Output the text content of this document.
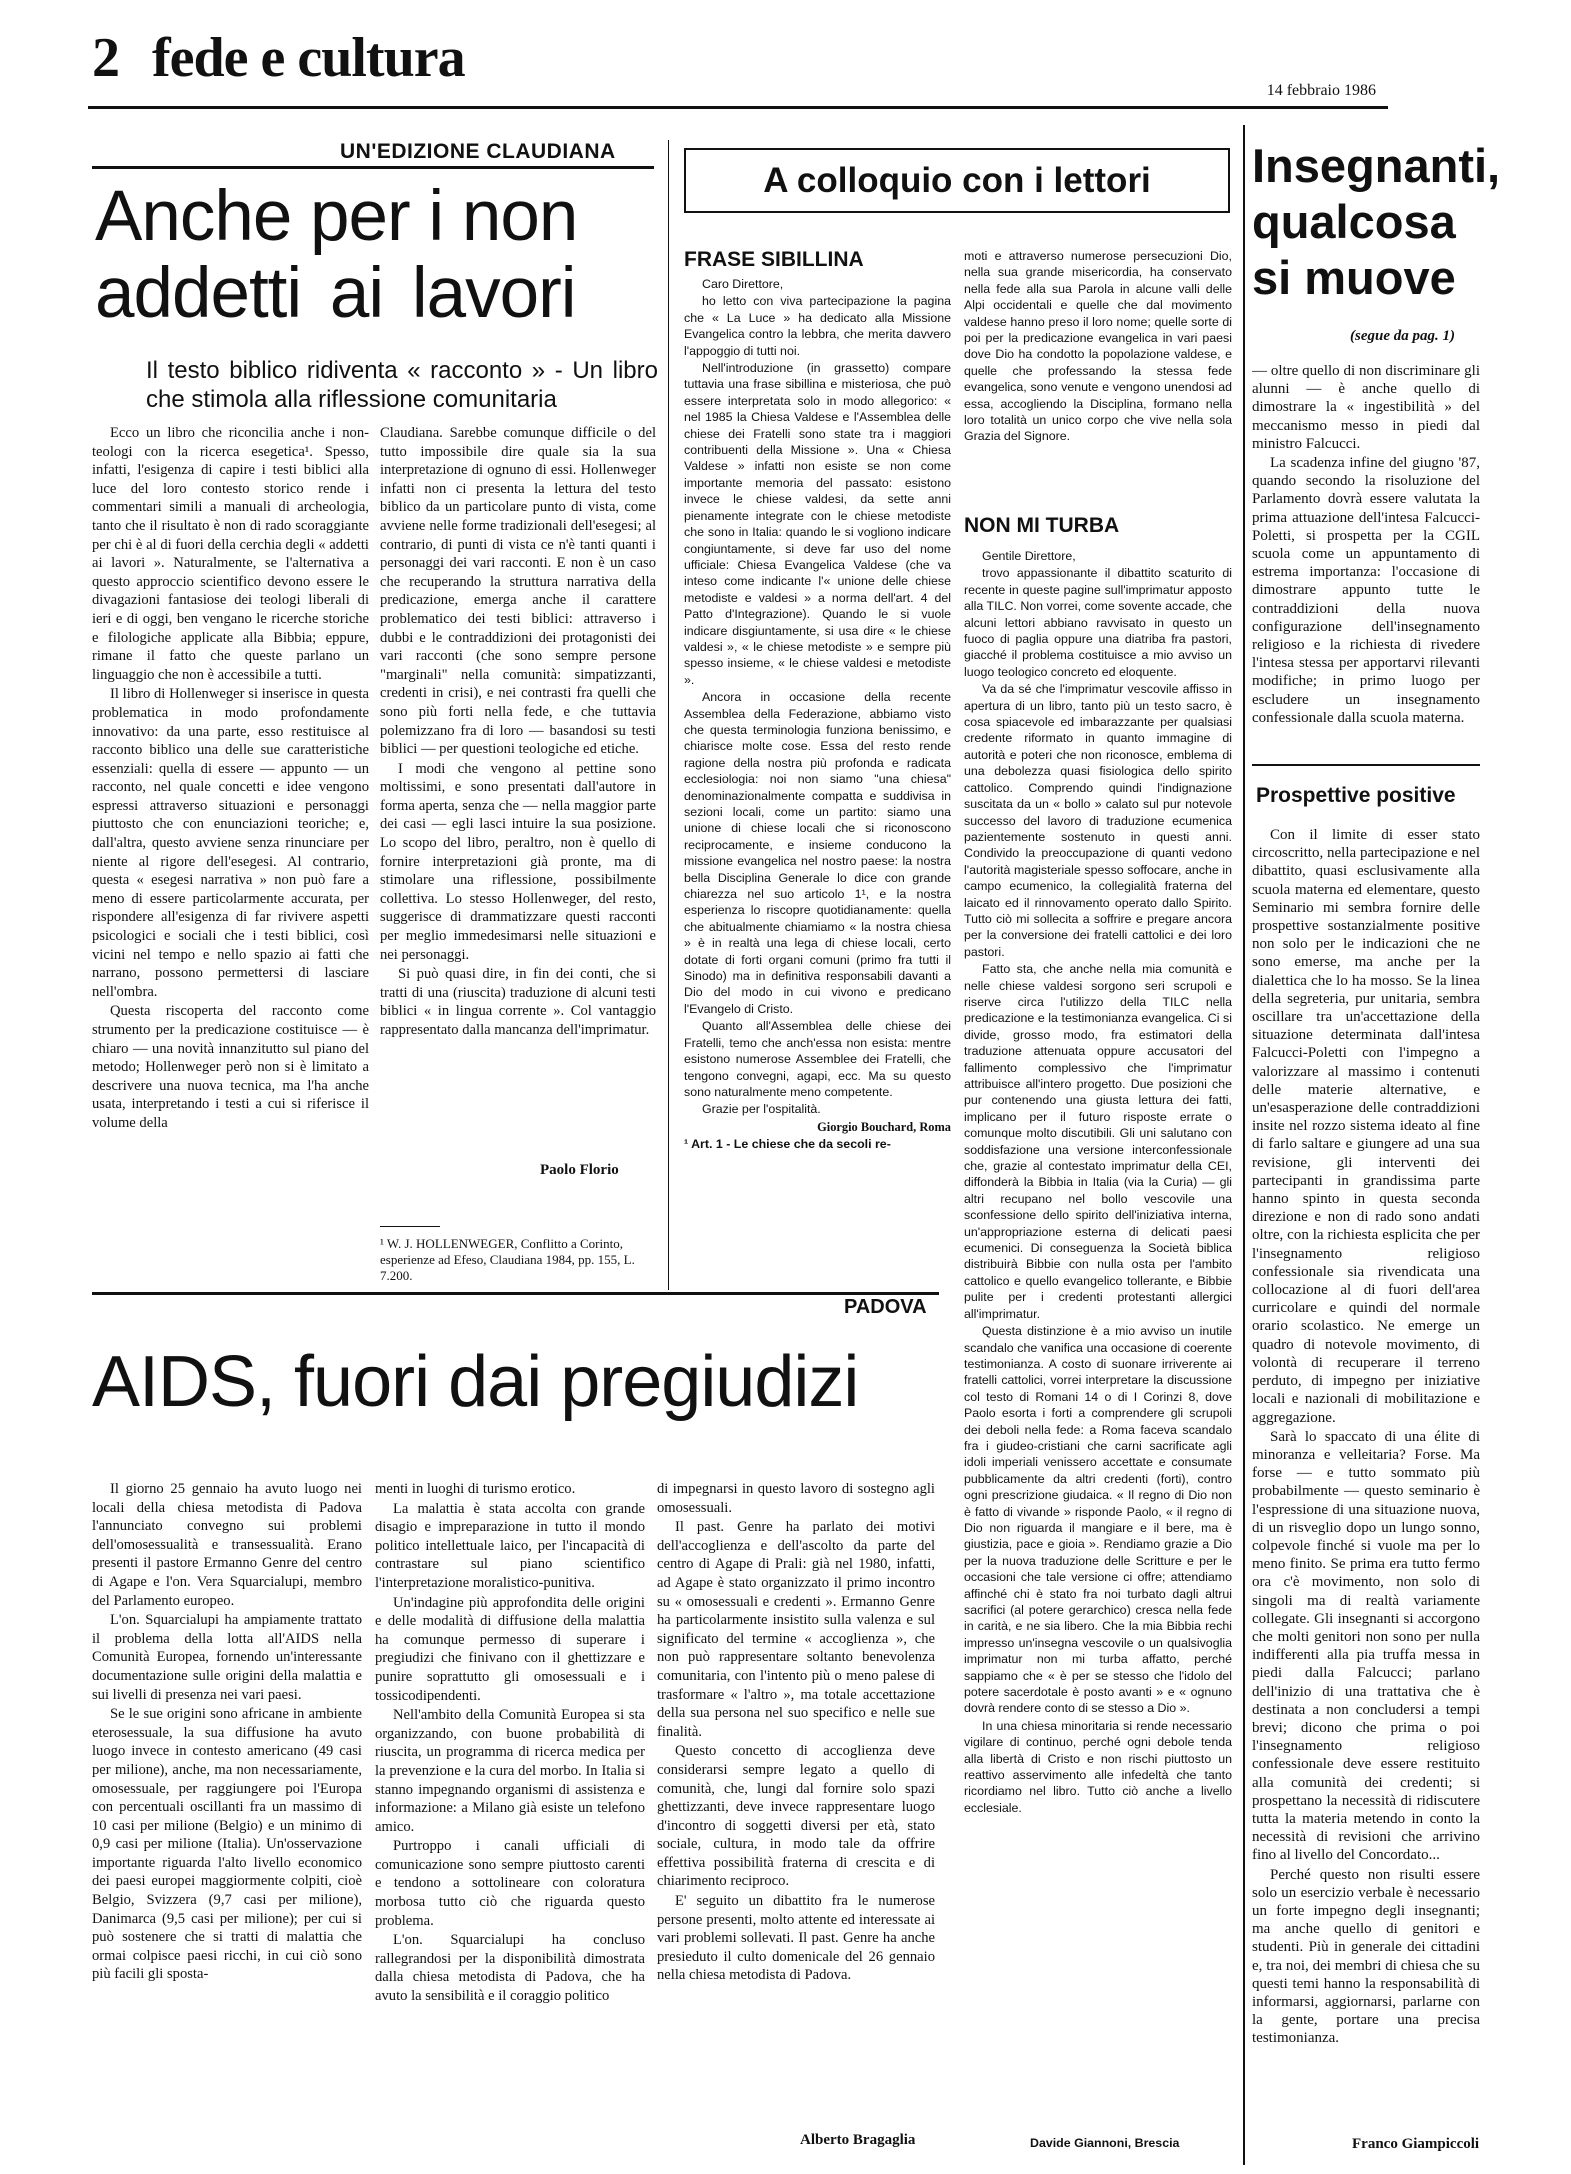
2 fede e cultura
14 febbraio 1986
UN'EDIZIONE CLAUDIANA
Anche per i non
addetti ai lavori
Il testo biblico ridiventa « racconto » - Un libro che stimola alla riflessione comunitaria

Ecco un libro che riconcilia anche i non-teologi con la ricerca esegetica¹. Spesso, infatti, l'esigenza di capire i testi biblici alla luce del loro contesto storico rende i commentari simili a manuali di archeologia, tanto che il risultato è non di rado scoraggiante per chi è al di fuori della cerchia degli « addetti ai lavori ». Naturalmente, se l'alternativa a questo approccio scientifico devono essere le divagazioni fantasiose dei teologi liberali di ieri e di oggi, ben vengano le ricerche storiche e filologiche applicate alla Bibbia; eppure, rimane il fatto che queste parlano un linguaggio che non è accessibile a tutti.

Il libro di Hollenweger si inserisce in questa problematica in modo profondamente innovativo: da una parte, esso restituisce al racconto biblico una delle sue caratteristiche essenziali: quella di essere — appunto — un racconto, nel quale concetti e idee vengono espressi attraverso situazioni e personaggi piuttosto che con enunciazioni teoriche; e, dall'altra, questo avviene senza rinunciare per niente al rigore dell'esegesi. Al contrario, questa « esegesi narrativa » non può fare a meno di essere particolarmente accurata, per rispondere all'esigenza di far rivivere aspetti psicologici e sociali che i testi biblici, così vicini nel tempo e nello spazio ai fatti che narrano, possono permettersi di lasciare nell'ombra.

Questa riscoperta del racconto come strumento per la predicazione costituisce — è chiaro — una novità innanzitutto sul piano del metodo; Hollenweger però non si è limitato a descrivere una nuova tecnica, ma l'ha anche usata, interpretando i testi a cui si riferisce il volume della

Claudiana. Sarebbe comunque difficile o del tutto impossibile dire quale sia la sua interpretazione di ognuno di essi. Hollenweger infatti non ci presenta la lettura del testo biblico da un particolare punto di vista, come avviene nelle forme tradizionali dell'esegesi; al contrario, di punti di vista ce n'è tanti quanti i personaggi dei vari racconti. E non è un caso che recuperando la struttura narrativa della predicazione, emerga anche il carattere problematico dei testi biblici: attraverso i dubbi e le contraddizioni dei protagonisti dei vari racconti (che sono sempre persone "marginali" nella comunità: simpatizzanti, credenti in crisi), e nei contrasti fra quelli che sono più forti nella fede, e che tuttavia polemizzano fra di loro — basandosi su testi biblici — per questioni teologiche ed etiche.

I modi che vengono al pettine sono moltissimi, e sono presentati dall'autore in forma aperta, senza che — nella maggior parte dei casi — egli lasci intuire la sua posizione. Lo scopo del libro, peraltro, non è quello di fornire interpretazioni già pronte, ma di stimolare una riflessione, possibilmente collettiva. Lo stesso Hollenweger, del resto, suggerisce di drammatizzare questi racconti per meglio immedesimarsi nelle situazioni e nei personaggi.

Si può quasi dire, in fin dei conti, che si tratti di una (riuscita) traduzione di alcuni testi biblici « in lingua corrente ». Col vantaggio rappresentato dalla mancanza dell'imprimatur.

Paolo Florio
¹ W. J. HOLLENWEGER, Conflitto a Corinto, esperienze ad Efeso, Claudiana 1984, pp. 155, L. 7.200.
PADOVA
AIDS, fuori dai pregiudizi

Il giorno 25 gennaio ha avuto luogo nei locali della chiesa metodista di Padova l'annunciato convegno sui problemi dell'omosessualità e transessualità. Erano presenti il pastore Ermanno Genre del centro di Agape e l'on. Vera Squarcialupi, membro del Parlamento europeo.

L'on. Squarcialupi ha ampiamente trattato il problema della lotta all'AIDS nella Comunità Europea, fornendo un'interessante documentazione sulle origini della malattia e sui livelli di presenza nei vari paesi.

Se le sue origini sono africane in ambiente eterosessuale, la sua diffusione ha avuto luogo invece in contesto americano (49 casi per milione), anche, ma non necessariamente, omosessuale, per raggiungere poi l'Europa con percentuali oscillanti fra un massimo di 10 casi per milione (Belgio) e un minimo di 0,9 casi per milione (Italia). Un'osservazione importante riguarda l'alto livello economico dei paesi europei maggiormente colpiti, cioè Belgio, Svizzera (9,7 casi per milione), Danimarca (9,5 casi per milione); per cui si può sostenere che si tratti di malattia che ormai colpisce paesi ricchi, in cui ciò sono più facili gli sposta-

menti in luoghi di turismo erotico.

La malattia è stata accolta con grande disagio e impreparazione in tutto il mondo politico intellettuale laico, per l'incapacità di contrastare sul piano scientifico l'interpretazione moralistico-punitiva.

Un'indagine più approfondita delle origini e delle modalità di diffusione della malattia ha comunque permesso di superare i pregiudizi che finivano con il ghettizzare e punire soprattutto gli omosessuali e i tossicodipendenti.

Nell'ambito della Comunità Europea si sta organizzando, con buone probabilità di riuscita, un programma di ricerca medica per la prevenzione e la cura del morbo. In Italia si stanno impegnando organismi di assistenza e informazione: a Milano già esiste un telefono amico.

Purtroppo i canali ufficiali di comunicazione sono sempre piuttosto carenti e tendono a sottolineare con coloratura morbosa tutto ciò che riguarda questo problema.

L'on. Squarcialupi ha concluso rallegrandosi per la disponibilità dimostrata dalla chiesa metodista di Padova, che ha avuto la sensibilità e il coraggio politico

di impegnarsi in questo lavoro di sostegno agli omosessuali.

Il past. Genre ha parlato dei motivi dell'accoglienza e dell'ascolto da parte del centro di Agape di Prali: già nel 1980, infatti, ad Agape è stato organizzato il primo incontro su « omosessuali e credenti ». Ermanno Genre ha particolarmente insistito sulla valenza e sul significato del termine « accoglienza », che non può rappresentare soltanto benevolenza comunitaria, con l'intento più o meno palese di trasformare « l'altro », ma totale accettazione della sua persona nel suo specifico e nelle sue finalità.

Questo concetto di accoglienza deve considerarsi sempre legato a quello di comunità, che, lungi dal fornire solo spazi ghettizzanti, deve invece rappresentare luogo d'incontro di soggetti diversi per età, stato sociale, cultura, in modo tale da offrire effettiva possibilità fraterna di crescita e di chiarimento reciproco.

E' seguito un dibattito fra le numerose persone presenti, molto attente ed interessate ai vari problemi sollevati. Il past. Genre ha anche presieduto il culto domenicale del 26 gennaio nella chiesa metodista di Padova.

Alberto Bragaglia
A colloquio con i lettori
FRASE SIBILLINA

Caro Direttore,

ho letto con viva partecipazione la pagina che « La Luce » ha dedicato alla Missione Evangelica contro la lebbra, che merita davvero l'appoggio di tutti noi.

Nell'introduzione (in grassetto) compare tuttavia una frase sibillina e misteriosa, che può essere interpretata solo in modo allegorico: « nel 1985 la Chiesa Valdese e l'Assemblea delle chiese dei Fratelli sono state tra i maggiori contribuenti della Missione ». Una « Chiesa Valdese » infatti non esiste se non come importante memoria del passato: esistono invece le chiese valdesi, da sette anni pienamente integrate con le chiese metodiste che sono in Italia: quando le si vogliono indicare congiuntamente, si deve far uso del nome ufficiale: Chiesa Evangelica Valdese (che va inteso come indicante l'« unione delle chiese metodiste e valdesi » a norma dell'art. 4 del Patto d'Integrazione). Quando le si vuole indicare disgiuntamente, si usa dire « le chiese valdesi », « le chiese metodiste » e sempre più spesso insieme, « le chiese valdesi e metodiste ».

Ancora in occasione della recente Assemblea della Federazione, abbiamo visto che questa terminologia funziona benissimo, e chiarisce molte cose. Essa del resto rende ragione della nostra più profonda e radicata ecclesiologia: noi non siamo "una chiesa" denominazionalmente compatta e suddivisa in sezioni locali, come un partito: siamo una unione di chiese locali che si riconoscono reciprocamente, e insieme conducono la missione evangelica nel nostro paese: la nostra bella Disciplina Generale lo dice con grande chiarezza nel suo articolo 1¹, e la nostra esperienza lo riscopre quotidianamente: quella che abitualmente chiamiamo « la nostra chiesa » è in realtà una lega di chiese locali, certo dotate di forti organi comuni (primo fra tutti il Sinodo) ma in definitiva responsabili davanti a Dio del modo in cui vivono e predicano l'Evangelo di Cristo.

Quanto all'Assemblea delle chiese dei Fratelli, temo che anch'essa non esista: mentre esistono numerose Assemblee dei Fratelli, che tengono convegni, agapi, ecc. Ma su questo sono naturalmente meno competente.

Grazie per l'ospitalità.

Giorgio Bouchard, Roma

¹ Art. 1 - Le chiese che da secoli re-

moti e attraverso numerose persecuzioni Dio, nella sua grande misericordia, ha conservato nella fede alla sua Parola in alcune valli delle Alpi occidentali e quelle che dal movimento valdese hanno preso il loro nome; quelle sorte di poi per la predicazione evangelica in vari paesi dove Dio ha condotto la popolazione valdese, e quelle che professando la stessa fede evangelica, sono venute e vengono unendosi ad essa, accogliendo la Disciplina, formano nella loro totalità un unico corpo che vive nella sola Grazia del Signore.

NON MI TURBA

Gentile Direttore,

trovo appassionante il dibattito scaturito di recente in queste pagine sull'imprimatur apposto alla TILC. Non vorrei, come sovente accade, che alcuni lettori abbiano ravvisato in questo un fuoco di paglia oppure una diatriba fra pastori, giacché il problema costituisce a mio avviso un luogo teologico concreto ed eloquente.

Va da sé che l'imprimatur vescovile affisso in apertura di un libro, tanto più un testo sacro, è cosa spiacevole ed imbarazzante per qualsiasi credente riformato in quanto immagine di autorità e poteri che non riconosce, emblema di una debolezza quasi fisiologica dello spirito cattolico. Comprendo quindi l'indignazione suscitata da un « bollo » calato sul pur notevole successo del lavoro di traduzione ecumenica pazientemente sostenuto in questi anni. Condivido la preoccupazione di quanti vedono l'autorità magisteriale spesso soffocare, anche in campo ecumenico, la collegialità fraterna del laicato ed il rinnovamento operato dallo Spirito. Tutto ciò mi sollecita a soffrire e pregare ancora per la conversione dei fratelli cattolici e dei loro pastori.

Fatto sta, che anche nella mia comunità e nelle chiese valdesi sorgono seri scrupoli e riserve circa l'utilizzo della TILC nella predicazione e la testimonianza evangelica. Ci si divide, grosso modo, fra estimatori della traduzione attenuata oppure accusatori del fallimento complessivo che l'imprimatur attribuisce all'intero progetto. Due posizioni che pur contenendo una giusta lettura dei fatti, implicano per il futuro risposte errate o comunque molto discutibili. Gli uni salutano con soddisfazione una versione interconfessionale che, grazie al contestato imprimatur della CEI, diffonderà la Bibbia in Italia (via la Curia) — gli altri recupano nel bollo vescovile una sconfessione dello spirito dell'iniziativa interna, un'appropriazione esterna di delicati paesi ecumenici. Di conseguenza la Società biblica distribuirà Bibbie con nulla osta per l'ambito cattolico e quello evangelico tollerante, e Bibbie pulite per i credenti protestanti allergici all'imprimatur.

Questa distinzione è a mio avviso un inutile scandalo che vanifica una occasione di coerente testimonianza. A costo di suonare irriverente ai fratelli cattolici, vorrei interpretare la discussione col testo di Romani 14 o di I Corinzi 8, dove Paolo esorta i forti a comprendere gli scrupoli dei deboli nella fede: a Roma faceva scandalo fra i giudeo-cristiani che carni sacrificate agli idoli imperiali venissero accettate e consumate pubblicamente da altri credenti (forti), contro ogni prescrizione giudaica. « Il regno di Dio non è fatto di vivande » risponde Paolo, « il regno di Dio non riguarda il mangiare e il bere, ma è giustizia, pace e gioia ». Rendiamo grazie a Dio per la nuova traduzione delle Scritture e per le occasioni che tale versione ci offre; attendiamo affinché chi è stato fra noi turbato dagli altrui sacrifici (al potere gerarchico) cresca nella fede in carità, e ne sia libero. Che la mia Bibbia rechi impresso un'insegna vescovile o un qualsivoglia imprimatur non mi turba affatto, perché sappiamo che « è per se stesso che l'idolo del potere sacerdotale è posto avanti » e « ognuno dovrà rendere conto di se stesso a Dio ».

In una chiesa minoritaria si rende necessario vigilare di continuo, perché ogni debole tenda alla libertà di Cristo e non rischi piuttosto un reattivo asservimento alle infedeltà che tanto ricordiamo nel libro. Tutto ciò anche a livello ecclesiale.

Davide Giannoni, Brescia
Insegnanti, qualcosa si muove
(segue da pag. 1)

— oltre quello di non discriminare gli alunni — è anche quello di dimostrare la « ingestibilità » del meccanismo messo in piedi dal ministro Falcucci.

La scadenza infine del giugno '87, quando secondo la risoluzione del Parlamento dovrà essere valutata la prima attuazione dell'intesa Falcucci-Poletti, si prospetta per la CGIL scuola come un appuntamento di estrema importanza: l'occasione di dimostrare appunto tutte le contraddizioni della nuova configurazione dell'insegnamento religioso e la richiesta di rivedere l'intesa stessa per apportarvi rilevanti modifiche; in primo luogo per escludere un insegnamento confessionale dalla scuola materna.

Prospettive positive

Con il limite di esser stato circoscritto, nella partecipazione e nel dibattito, quasi esclusivamente alla scuola materna ed elementare, questo Seminario mi sembra fornire delle prospettive sostanzialmente positive non solo per le indicazioni che ne sono emerse, ma anche per la dialettica che lo ha mosso. Se la linea della segreteria, pur unitaria, sembra oscillare tra un'accettazione della situazione determinata dall'intesa Falcucci-Poletti con l'impegno a valorizzare al massimo i contenuti delle materie alternative, e un'esasperazione delle contraddizioni insite nel rozzo sistema ideato al fine di farlo saltare e giungere ad una sua revisione, gli interventi dei partecipanti in grandissima parte hanno spinto in questa seconda direzione e non di rado sono andati oltre, con la richiesta esplicita che per l'insegnamento religioso confessionale sia rivendicata una collocazione al di fuori dell'area curricolare e quindi del normale orario scolastico. Ne emerge un quadro di notevole movimento, di volontà di recuperare il terreno perduto, di impegno per iniziative locali e nazionali di mobilitazione e aggregazione.

Sarà lo spaccato di una élite di minoranza e velleitaria? Forse. Ma forse — e tutto sommato più probabilmente — questo seminario è l'espressione di una situazione nuova, di un risveglio dopo un lungo sonno, colpevole finché si vuole ma per lo meno finito. Se prima era tutto fermo ora c'è movimento, non solo di singoli ma di realtà variamente collegate. Gli insegnanti si accorgono che molti genitori non sono per nulla indifferenti alla pia truffa messa in piedi dalla Falcucci; parlano dell'inizio di una trattativa che è destinata a non concludersi a tempi brevi; dicono che prima o poi l'insegnamento religioso confessionale deve essere restituito alla comunità dei credenti; si prospettano la necessità di ridiscutere tutta la materia metendo in conto la necessità di revisioni che arrivino fino al livello del Concordato...

Perché questo non risulti essere solo un esercizio verbale è necessario un forte impegno degli insegnanti; ma anche quello di genitori e studenti. Più in generale dei cittadini e, tra noi, dei membri di chiesa che su questi temi hanno la responsabilità di informarsi, aggiornarsi, parlarne con la gente, portare una precisa testimonianza.

Franco Giampiccoli
